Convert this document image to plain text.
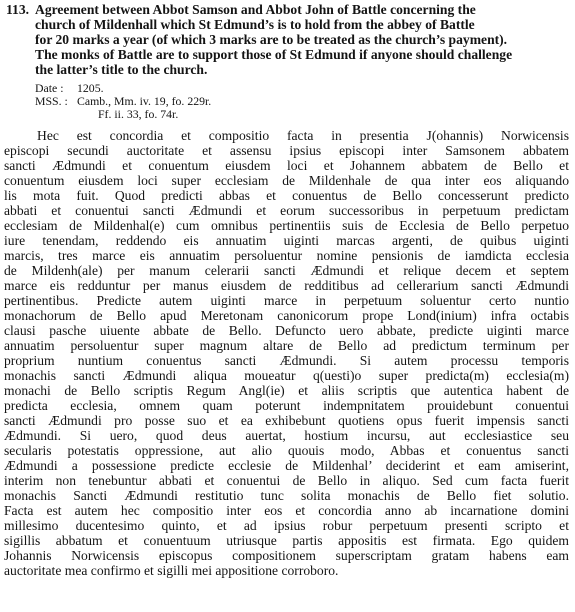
113. Agreement between Abbot Samson and Abbot John of Battle concerning the
church of Mildenhall which St Edmund’s is to hold from the abbey of Battle
for 20 marks a year (of which 3 marks are to be treated as the church’s payment).
The monks of Battle are to support those of St Edmund if anyone should challenge
the latter’s title to the church.
Date : 1205.
MSS. : Camb., Mm. iv. 19, fo. 229r.
Ff. ii. 33, fo. 74r.
Hec est concordia et compositio facta in presentia J(ohannis) Norwicensis
episcopi secundi auctoritate et assensu ipsius episcopi inter Samsonem abbatem
sancti Ædmundi et conuentum eiusdem loci et Johannem abbatem de Bello et
conuentum eiusdem loci super ecclesiam de Mildenhale de qua inter eos aliquando
lis mota fuit. Quod predicti abbas et conuentus de Bello concesserunt predicto
abbati et conuentui sancti Ædmundi et eorum successoribus in perpetuum predictam
ecclesiam de Mildenhal(e) cum omnibus pertinentiis suis de Ecclesia de Bello perpetuo
iure tenendam, reddendo eis annuatim uiginti marcas argenti, de quibus uiginti
marcis, tres marce eis annuatim persoluentur nomine pensionis de iamdicta ecclesia
de Mildenh(ale) per manum celerarii sancti Ædmundi et relique decem et septem
marce eis redduntur per manus eiusdem de redditibus ad cellerarium sancti Ædmundi
pertinentibus. Predicte autem uiginti marce in perpetuum soluentur certo nuntio
monachorum de Bello apud Meretonam canonicorum prope Lond(inium) infra octabis
clausi pasche uiuente abbate de Bello. Defuncto uero abbate, predicte uiginti marce
annuatim persoluentur super magnum altare de Bello ad predictum terminum per
proprium nuntium conuentus sancti Ædmundi. Si autem processu temporis
monachis sancti Ædmundi aliqua moueatur q(uesti)o super predicta(m) ecclesia(m)
monachi de Bello scriptis Regum Angl(ie) et aliis scriptis que autentica habent de
predicta ecclesia, omnem quam poterunt indempnitatem prouidebunt conuentui
sancti Ædmundi pro posse suo et ea exhibebunt quotiens opus fuerit impensis sancti
Ædmundi. Si uero, quod deus auertat, hostium incursu, aut ecclesiastice seu
secularis potestatis oppressione, aut alio quouis modo, Abbas et conuentus sancti
Ædmundi a possessione predicte ecclesie de Mildenhal’ deciderint et eam amiserint,
interim non tenebuntur abbati et conuentui de Bello in aliquo. Sed cum facta fuerit
monachis Sancti Ædmundi restitutio tunc solita monachis de Bello fiet solutio.
Facta est autem hec compositio inter eos et concordia anno ab incarnatione domini
millesimo ducentesimo quinto, et ad ipsius robur perpetuum presenti scripto et
sigillis abbatum et conuentuum utriusque partis appositis est firmata. Ego quidem
Johannis Norwicensis episcopus compositionem superscriptam gratam habens eam
auctoritate mea confirmo et sigilli mei appositione corroboro.
